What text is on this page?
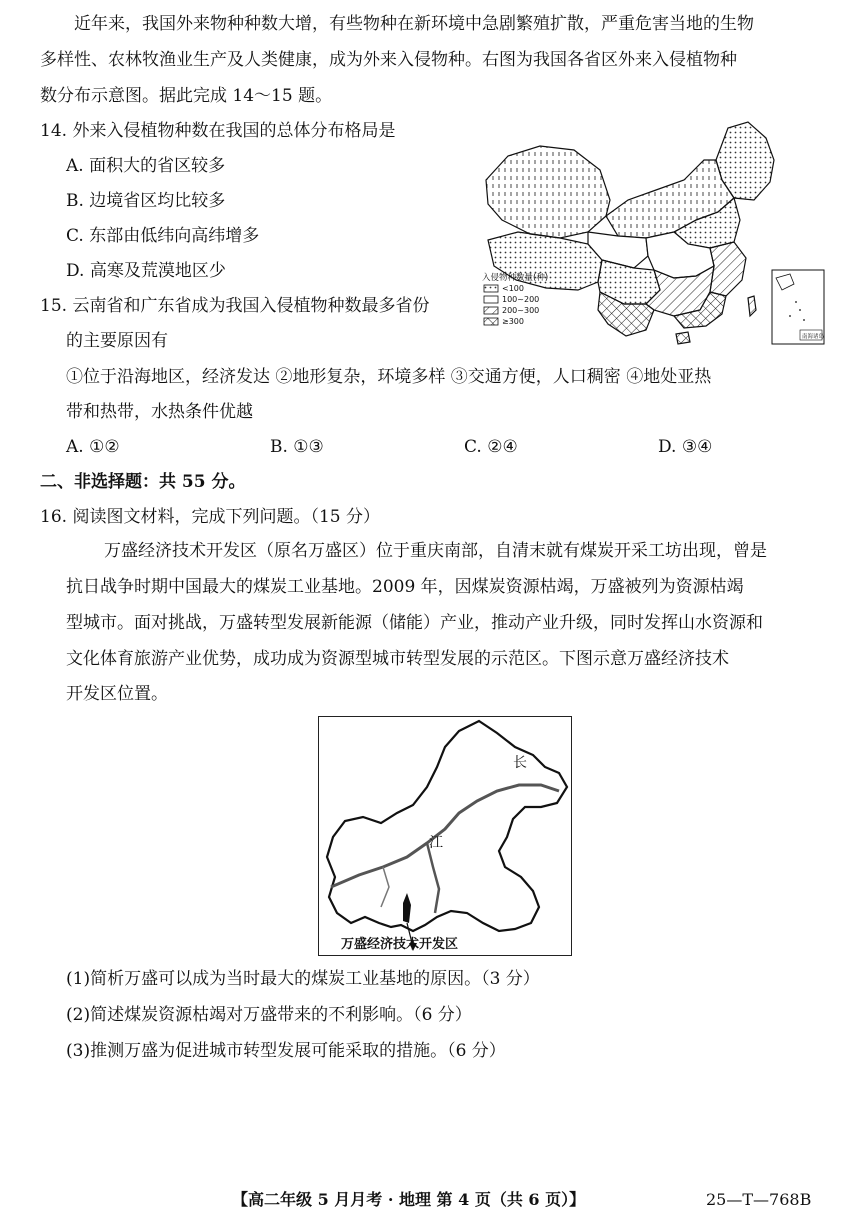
近年来，我国外来物种种数大增，有些物种在新环境中急剧繁殖扩散，严重危害当地的生物
多样性、农林牧渔业生产及人类健康，成为外来入侵物种。右图为我国各省区外来入侵植物种
数分布示意图。据此完成 14～15 题。
14. 外来入侵植物种数在我国的总体分布格局是
A. 面积大的省区较多
B. 边境省区均比较多
C. 东部由低纬向高纬增多
D. 高寒及荒漠地区少
15. 云南省和广东省成为我国入侵植物种数最多省份
的主要原因有
①位于沿海地区，经济发达 ②地形复杂，环境多样 ③交通方便，人口稠密 ④地处亚热
带和热带，水热条件优越
A. ①②	B. ①③	C. ②④	D. ③④
入侵物种数量(种)
<100
100~200
200~300
≥300
南海诸岛
二、非选择题：共 55 分。
16. 阅读图文材料，完成下列问题。（15 分）
万盛经济技术开发区（原名万盛区）位于重庆南部，自清末就有煤炭开采工坊出现，曾是
抗日战争时期中国最大的煤炭工业基地。2009 年，因煤炭资源枯竭，万盛被列为资源枯竭
型城市。面对挑战，万盛转型发展新能源（储能）产业，推动产业升级，同时发挥山水资源和
文化体育旅游产业优势，成功成为资源型城市转型发展的示范区。下图示意万盛经济技术
开发区位置。
长
江
万盛经济技术开发区
(1)简析万盛可以成为当时最大的煤炭工业基地的原因。（3 分）
(2)简述煤炭资源枯竭对万盛带来的不利影响。（6 分）
(3)推测万盛为促进城市转型发展可能采取的措施。（6 分）
【高二年级 5 月月考 · 地理 第 4 页（共 6 页）】	25—T—768B
